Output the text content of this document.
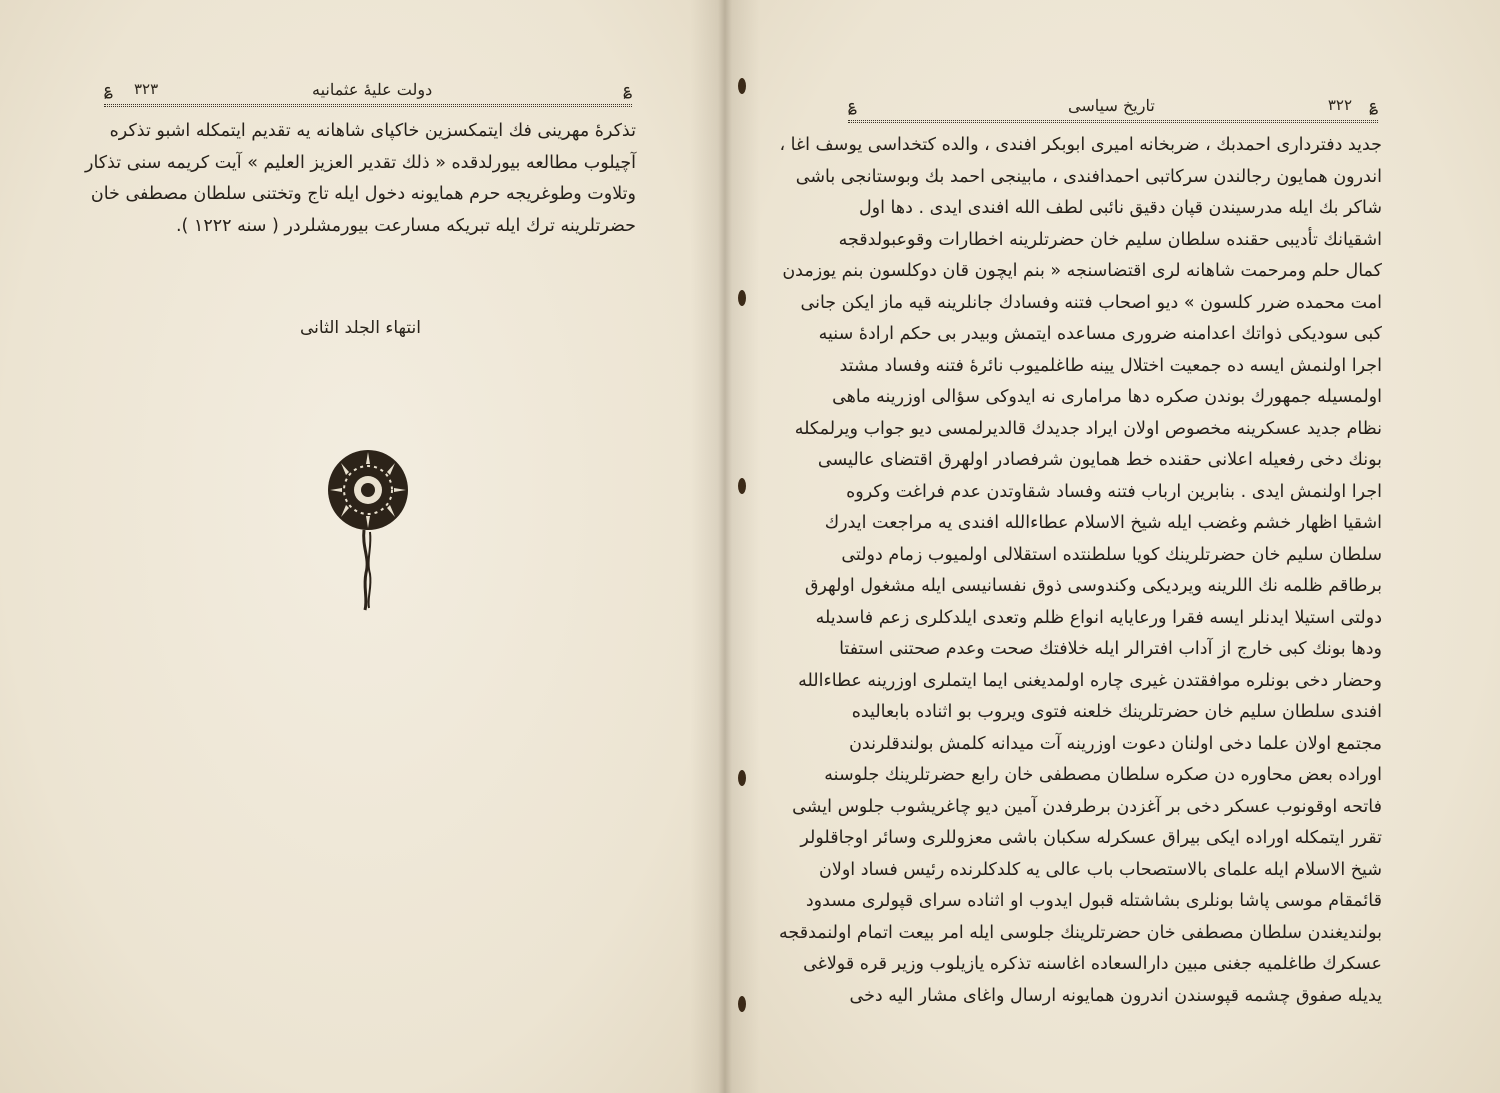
٣٢٣
؏	دولت عليهٔ عثمانيه	؏
تذكرهٔ مهرينى فك ايتمكسزين خاكپاى شاهانه يه تقديم ايتمكله اشبو تذكره
آچيلوب مطالعه بيورلدقده « ذلك تقدير العزيز العليم » آيت كريمه سنى تذكار
وتلاوت وطوغريجه حرم همايونه دخول ايله تاج وتختنى سلطان مصطفى خان
حضرتلرينه ترك ايله تبريكه مسارعت بيورمشلردر ( سنه ١٢٢٢ ).
انتهاء الجلد الثانى
؏	تاريخ سياسى	٣٢٢ ؏
جديد دفتردارى احمدبك ، ضربخانه اميرى ابوبكر افندى ، والده كتخداسى يوسف اغا ،
اندرون همايون رجالندن سركاتبى احمدافندى ، مابينجى احمد بك وبوستانجى باشى
شاكر بك ايله مدرسيندن قپان دقيق نائبى لطف الله افندى ايدى . دها اول
اشقيانك تأديبى حقنده سلطان سليم خان حضرتلرينه اخطارات وقوعبولدقجه
كمال حلم ومرحمت شاهانه لرى اقتضاسنجه « بنم ايچون قان دوكلسون بنم يوزمدن
امت محمده ضرر كلسون » ديو اصحاب فتنه وفسادك جانلرينه قيه ماز ايكن جانى
كبى سوديكى ذواتك اعدامنه ضرورى مساعده ايتمش وبيدر بى حكم ارادهٔ سنيه
اجرا اولنمش ايسه ده جمعيت اختلال يينه طاغلميوب نائرهٔ فتنه وفساد مشتد
اولمسيله جمهورك بوندن صكره دها مرامارى نه ايدوكى سؤالى اوزرينه ماهى
نظام جديد عسكرينه مخصوص اولان ايراد جديدك قالديرلمسى ديو جواب ويرلمكله
بونك دخى رفعيله اعلانى حقنده خط همايون شرفصادر اولهرق اقتضاى عاليسى
اجرا اولنمش ايدى . بنابرين ارباب فتنه وفساد شقاوتدن عدم فراغت وكروه
اشقيا اظهار خشم وغضب ايله شيخ الاسلام عطاءالله افندى يه مراجعت ايدرك
سلطان سليم خان حضرتلرينك كويا سلطنتده استقلالى اولميوب زمام دولتى
برطاقم ظلمه نك اللرينه ويرديكى وكندوسى ذوق نفسانيسى ايله مشغول اولهرق
دولتى استيلا ايدنلر ايسه فقرا ورعايايه انواع ظلم وتعدى ايلدكلرى زعم فاسديله
ودها بونك كبى خارج از آداب افترالر ايله خلافتك صحت وعدم صحتنى استفتا
وحضار دخى بونلره موافقتدن غيرى چاره اولمديغنى ايما ايتملرى اوزرينه عطاءالله
افندى سلطان سليم خان حضرتلرينك خلعنه فتوى ويروب بو اثناده بابعاليده
مجتمع اولان علما دخى اولنان دعوت اوزرينه آت ميدانه كلمش بولندقلرندن
اوراده بعض محاوره دن صكره سلطان مصطفى خان رابع حضرتلرينك جلوسنه
فاتحه اوقونوب عسكر دخى بر آغزدن برطرفدن آمين ديو چاغريشوب جلوس ايشى
تقرر ايتمكله اوراده ايكى بيراق عسكرله سكبان باشى معزوللرى وسائر اوجاقلولر
شيخ الاسلام ايله علماى بالاستصحاب باب عالى يه كلدكلرنده رئيس فساد اولان
قائمقام موسى پاشا بونلرى بشاشتله قبول ايدوب او اثناده سراى قپولرى مسدود
بولنديغندن سلطان مصطفى خان حضرتلرينك جلوسى ايله امر بيعت اتمام اولنمدقجه
عسكرك طاغلميه جغنى مبين دارالسعاده اغاسنه تذكره يازيلوب وزير قره قولاغى
يديله صفوق چشمه قپوسندن اندرون همايونه ارسال واغاى مشار اليه دخى
